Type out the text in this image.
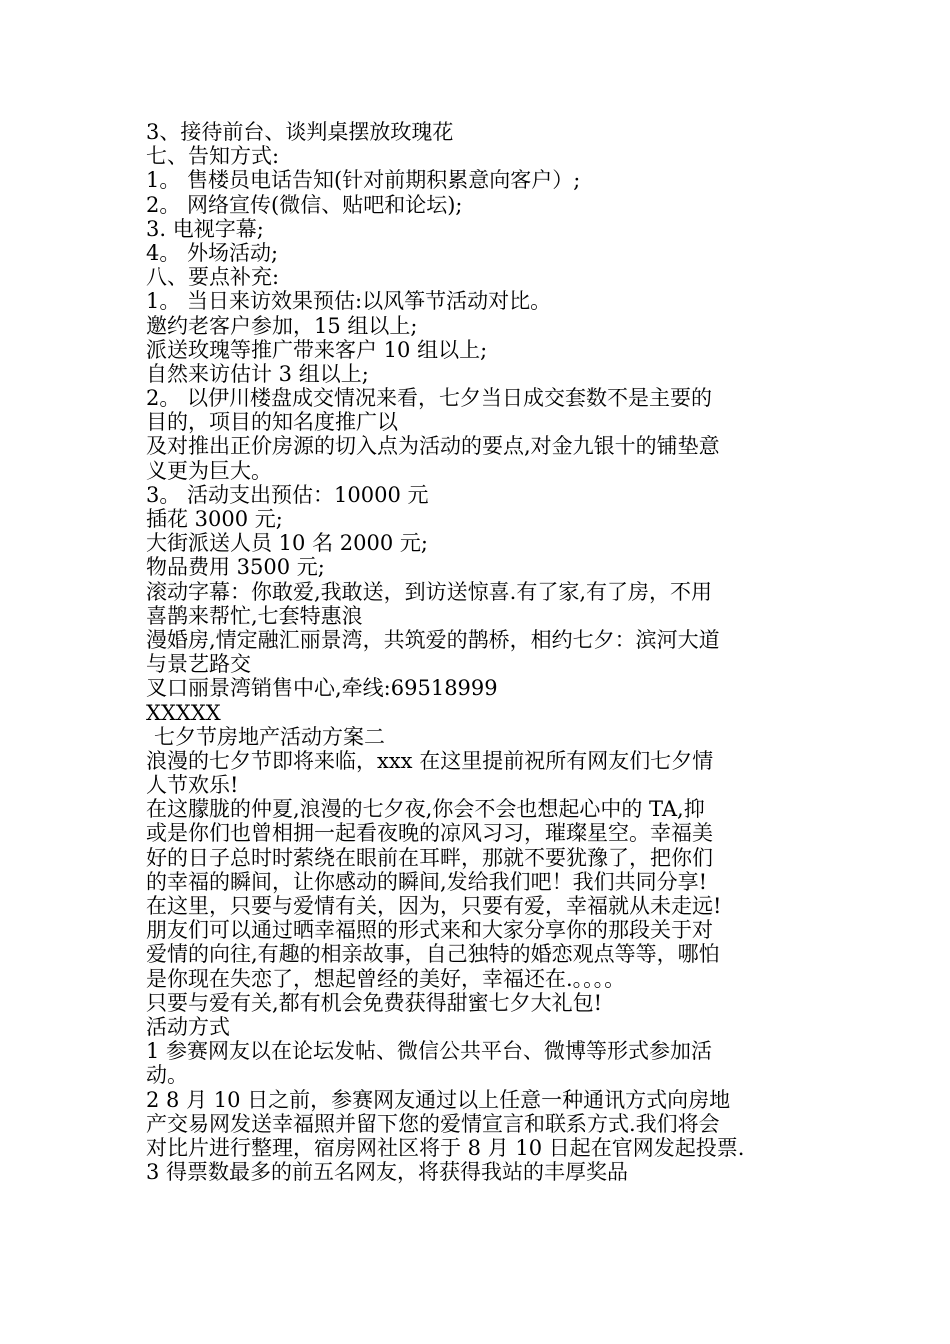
3、接待前台、谈判桌摆放玫瑰花
七、告知方式:
1。 售楼员电话告知(针对前期积累意向客户）;
2。 网络宣传(微信、贴吧和论坛);
3. 电视字幕;
4。 外场活动;
八、要点补充:
1。 当日来访效果预估:以风筝节活动对比。
邀约老客户参加，15 组以上;
派送玫瑰等推广带来客户 10 组以上;
自然来访估计 3 组以上;
2。 以伊川楼盘成交情况来看，七夕当日成交套数不是主要的
目的，项目的知名度推广以
及对推出正价房源的切入点为活动的要点,对金九银十的铺垫意
义更为巨大。
3。 活动支出预估：10000 元
插花 3000 元;
大街派送人员 10 名 2000 元;
物品费用 3500 元;
滚动字幕：你敢爱,我敢送，到访送惊喜.有了家,有了房，不用
喜鹊来帮忙,七套特惠浪
漫婚房,情定融汇丽景湾，共筑爱的鹊桥，相约七夕：滨河大道
与景艺路交
叉口丽景湾销售中心,牵线:69518999
XXXXX
七夕节房地产活动方案二
浪漫的七夕节即将来临，xxx 在这里提前祝所有网友们七夕情
人节欢乐!
在这朦胧的仲夏,浪漫的七夕夜,你会不会也想起心中的 TA,抑
或是你们也曾相拥一起看夜晚的凉风习习，璀璨星空。幸福美
好的日子总时时萦绕在眼前在耳畔，那就不要犹豫了，把你们
的幸福的瞬间，让你感动的瞬间,发给我们吧！我们共同分享!
在这里，只要与爱情有关，因为，只要有爱，幸福就从未走远!
朋友们可以通过晒幸福照的形式来和大家分享你的那段关于对
爱情的向往,有趣的相亲故事，自己独特的婚恋观点等等，哪怕
是你现在失恋了，想起曾经的美好，幸福还在.。。。。
只要与爱有关,都有机会免费获得甜蜜七夕大礼包!
活动方式
1 参赛网友以在论坛发帖、微信公共平台、微博等形式参加活
动。
2 8 月 10 日之前，参赛网友通过以上任意一种通讯方式向房地
产交易网发送幸福照并留下您的爱情宣言和联系方式.我们将会
对比片进行整理，宿房网社区将于 8 月 10 日起在官网发起投票.
3 得票数最多的前五名网友，将获得我站的丰厚奖品
